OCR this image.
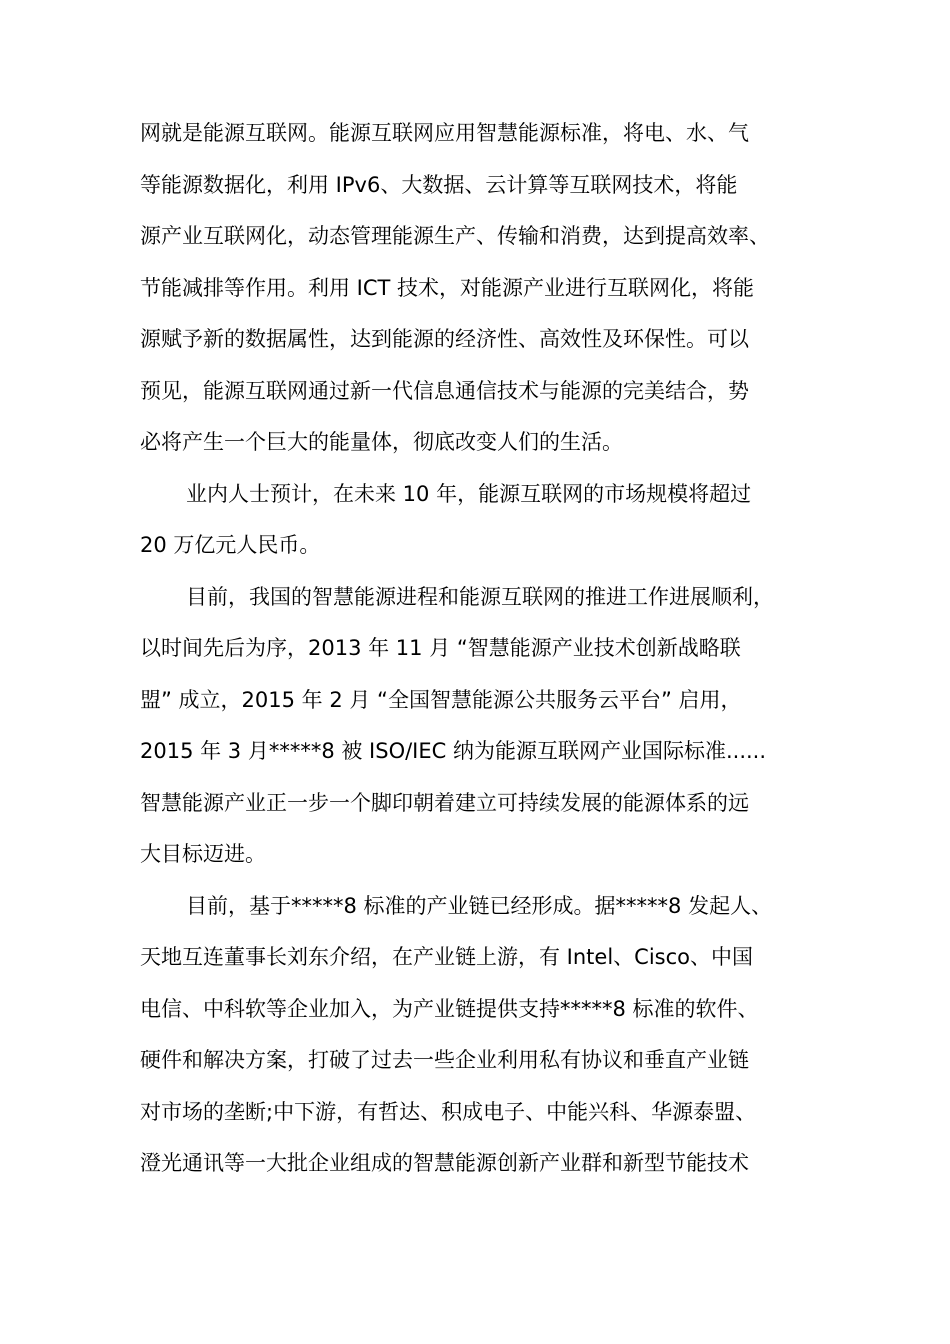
网就是能源互联网。能源互联网应用智慧能源标准，将电、水、气
等能源数据化，利用 IPv6、大数据、云计算等互联网技术，将能
源产业互联网化，动态管理能源生产、传输和消费，达到提高效率、
节能减排等作用。利用 ICT 技术，对能源产业进行互联网化，将能
源赋予新的数据属性，达到能源的经济性、高效性及环保性。可以
预见，能源互联网通过新一代信息通信技术与能源的完美结合，势
必将产生一个巨大的能量体，彻底改变人们的生活。

业内人士预计，在未来 10 年，能源互联网的市场规模将超过
20 万亿元人民币。

目前，我国的智慧能源进程和能源互联网的推进工作进展顺利，
以时间先后为序，2013 年 11 月 “智慧能源产业技术创新战略联
盟” 成立，2015 年 2 月 “全国智慧能源公共服务云平台” 启用，
2015 年 3 月*****8 被 ISO/IEC 纳为能源互联网产业国际标准......
智慧能源产业正一步一个脚印朝着建立可持续发展的能源体系的远
大目标迈进。

目前，基于*****8 标准的产业链已经形成。据*****8 发起人、
天地互连董事长刘东介绍，在产业链上游，有 Intel、Cisco、中国
电信、中科软等企业加入，为产业链提供支持*****8 标准的软件、
硬件和解决方案，打破了过去一些企业利用私有协议和垂直产业链
对市场的垄断;中下游，有哲达、积成电子、中能兴科、华源泰盟、
澄光通讯等一大批企业组成的智慧能源创新产业群和新型节能技术
